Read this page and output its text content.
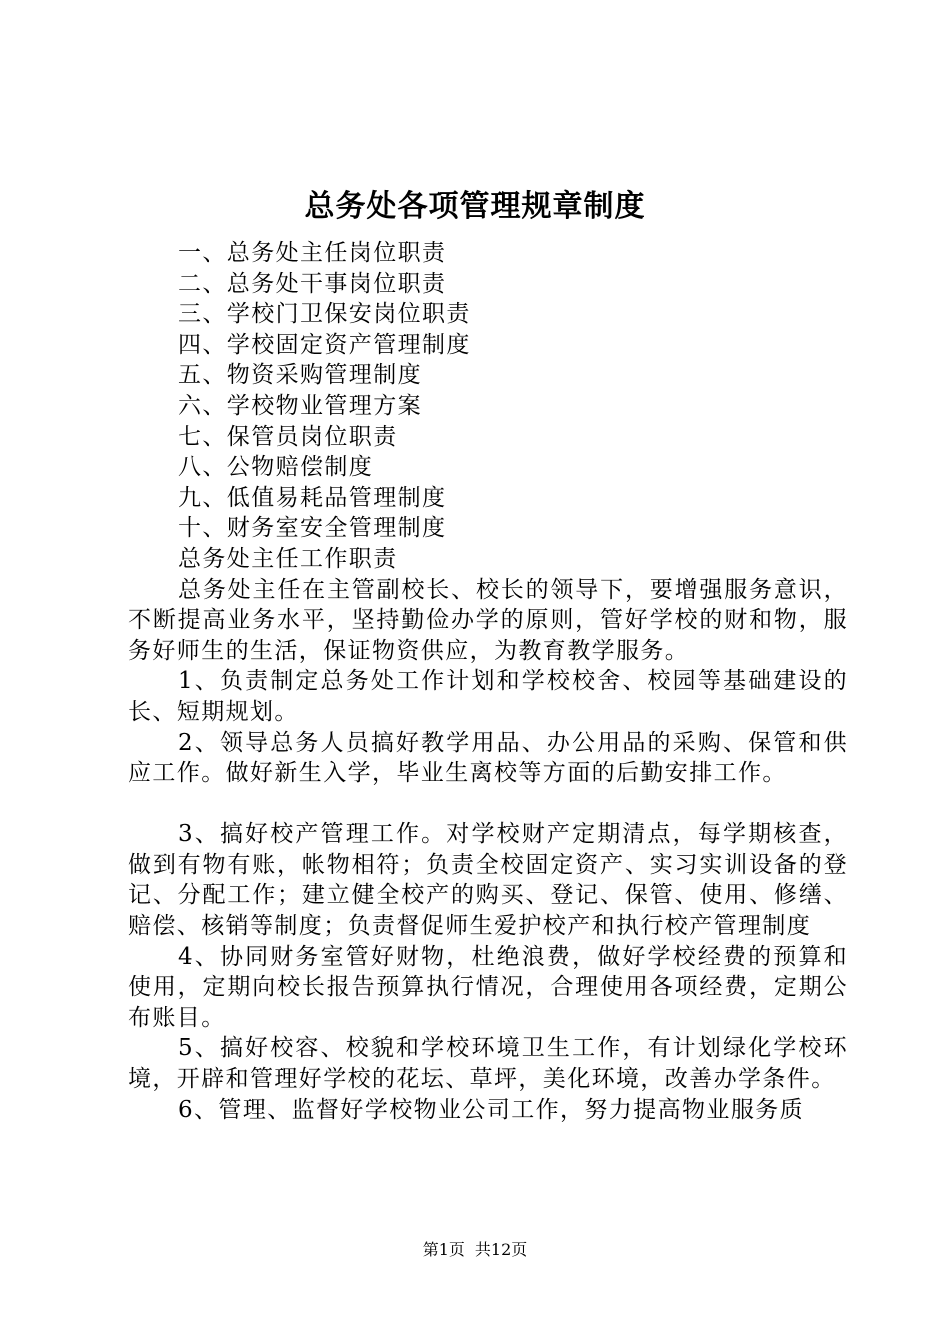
总务处各项管理规章制度
一、总务处主任岗位职责
二、总务处干事岗位职责
三、学校门卫保安岗位职责
四、学校固定资产管理制度
五、物资采购管理制度
六、学校物业管理方案
七、保管员岗位职责
八、公物赔偿制度
九、低值易耗品管理制度
十、财务室安全管理制度
总务处主任工作职责

总务处主任在主管副校长、校长的领导下，要增强服务意识，不断提高业务水平，坚持勤俭办学的原则，管好学校的财和物，服务好师生的生活，保证物资供应，为教育教学服务。

1、负责制定总务处工作计划和学校校舍、校园等基础建设的长、短期规划。

2、领导总务人员搞好教学用品、办公用品的采购、保管和供应工作。做好新生入学，毕业生离校等方面的后勤安排工作。

3、搞好校产管理工作。对学校财产定期清点，每学期核查，做到有物有账，帐物相符；负责全校固定资产、实习实训设备的登记、分配工作；建立健全校产的购买、登记、保管、使用、修缮、赔偿、核销等制度；负责督促师生爱护校产和执行校产管理制度

4、协同财务室管好财物，杜绝浪费，做好学校经费的预算和使用，定期向校长报告预算执行情况，合理使用各项经费，定期公布账目。

5、搞好校容、校貌和学校环境卫生工作，有计划绿化学校环境，开辟和管理好学校的花坛、草坪，美化环境，改善办学条件。

6、管理、监督好学校物业公司工作，努力提高物业服务质

第1页 共12页
